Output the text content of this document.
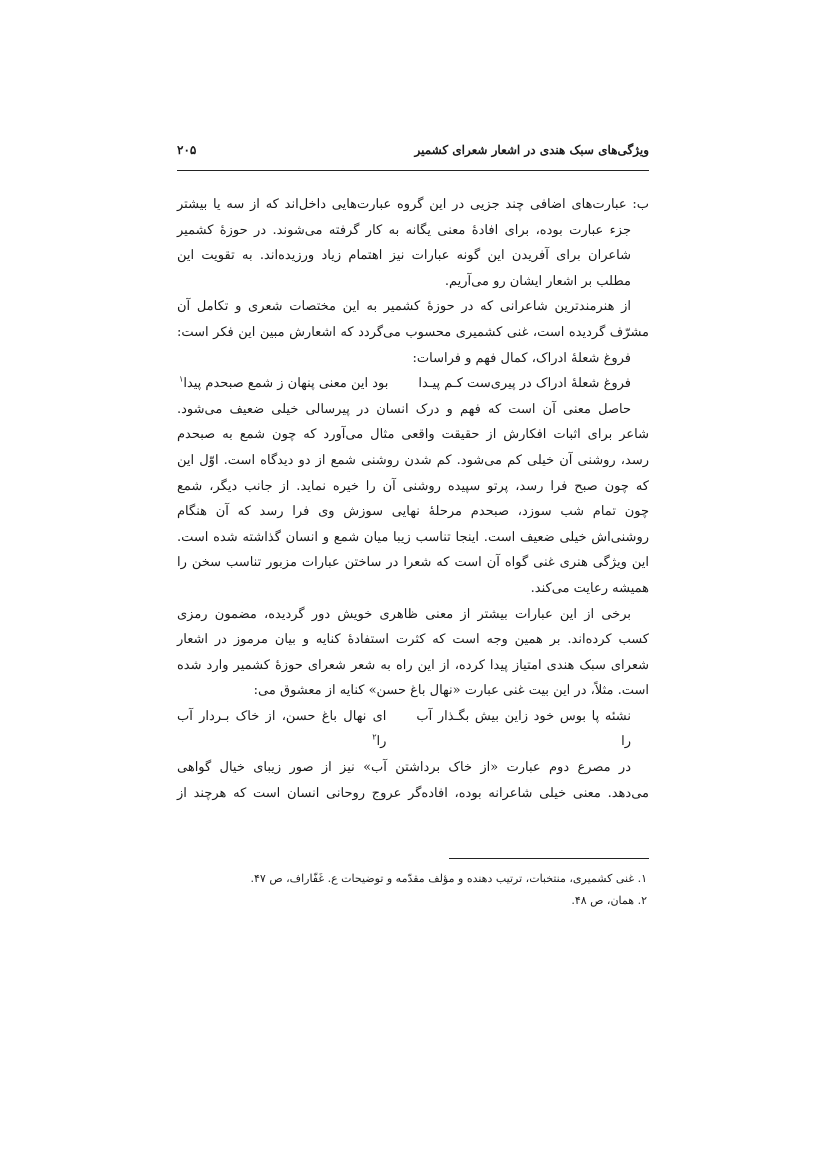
ویژگی‌های سبک هندی در اشعار شعرای کشمیر
۲۰۵

ب: عبارت‌های اضافی چند جزیی در این گروه عبارت‌هایی داخل‌اند که از سه یا بیشتر
جزء عبارت بوده، برای افادهٔ معنی یگانه به کار گرفته می‌شوند. در حوزهٔ کشمیر
شاعران برای آفریدن این گونه عبارات نیز اهتمام زیاد ورزیده‌اند. به تقویت این
مطلب بر اشعار ایشان رو می‌آریم.

از هنرمندترین شاعرانی که در حوزهٔ کشمیر به این مختصات شعری و تکامل آن
مشرّف گردیده است، غنی کشمیری محسوب می‌گردد که اشعارش مبین این فکر است:

فروغ شعلهٔ ادراک، کمال فهم و فراسات:

فروغ شعلهٔ ادراک در پیری‌ست کـم پیـدا
بود این معنی پنهان ز شمع صبحدم پیدا$^۱$

حاصل معنی آن است که فهم و درک انسان در پیرسالی خیلی ضعیف می‌شود.
شاعر برای اثبات افکارش از حقیقت واقعی مثال می‌آورد که چون شمع به صبحدم
رسد، روشنی آن خیلی کم می‌شود. کم شدن روشنی شمع از دو دیدگاه است. اوّل این
که چون صبح فرا رسد، پرتو سپیده روشنی آن را خیره نماید. از جانب دیگر، شمع
چون تمام شب سوزد، صبحدم مرحلهٔ نهایی سوزش وی فرا رسد که آن هنگام
روشنی‌اش خیلی ضعیف است. اینجا تناسب زیبا میان شمع و انسان گذاشته شده است.
این ویژگی هنری غنی گواه آن است که شعرا در ساختن عبارات مزبور تناسب سخن را
همیشه رعایت می‌کند.

برخی از این عبارات بیشتر از معنی ظاهری خویش دور گردیده، مضمون رمزی
کسب کرده‌اند. بر همین وجه است که کثرت استفادهٔ کنایه و بیان مرموز در اشعار
شعرای سبک هندی امتیاز پیدا کرده، از این راه به شعر شعرای حوزهٔ کشمیر وارد شده
است. مثلاً، در این بیت غنی عبارت «نهال باغ حسن» کنایه از معشوق می:

نشئه پا بوس خود زاین بیش بگـذار آب را
ای نهال باغ حسن، از خاک بـردار آب را$^۲$

در مصرع دوم عبارت «از خاک برداشتن آب» نیز از صور زیبای خیال گواهی
می‌دهد. معنی خیلی شاعرانه بوده، افاده‌گر عروج روحانی انسان است که هرچند از

۱. غنی کشمیری، منتخبات، ترتیب دهنده و مؤلف مقدّمه و توضیحات ع. غَفّاراف، ص ۴۷.
۲. همان، ص ۴۸.
